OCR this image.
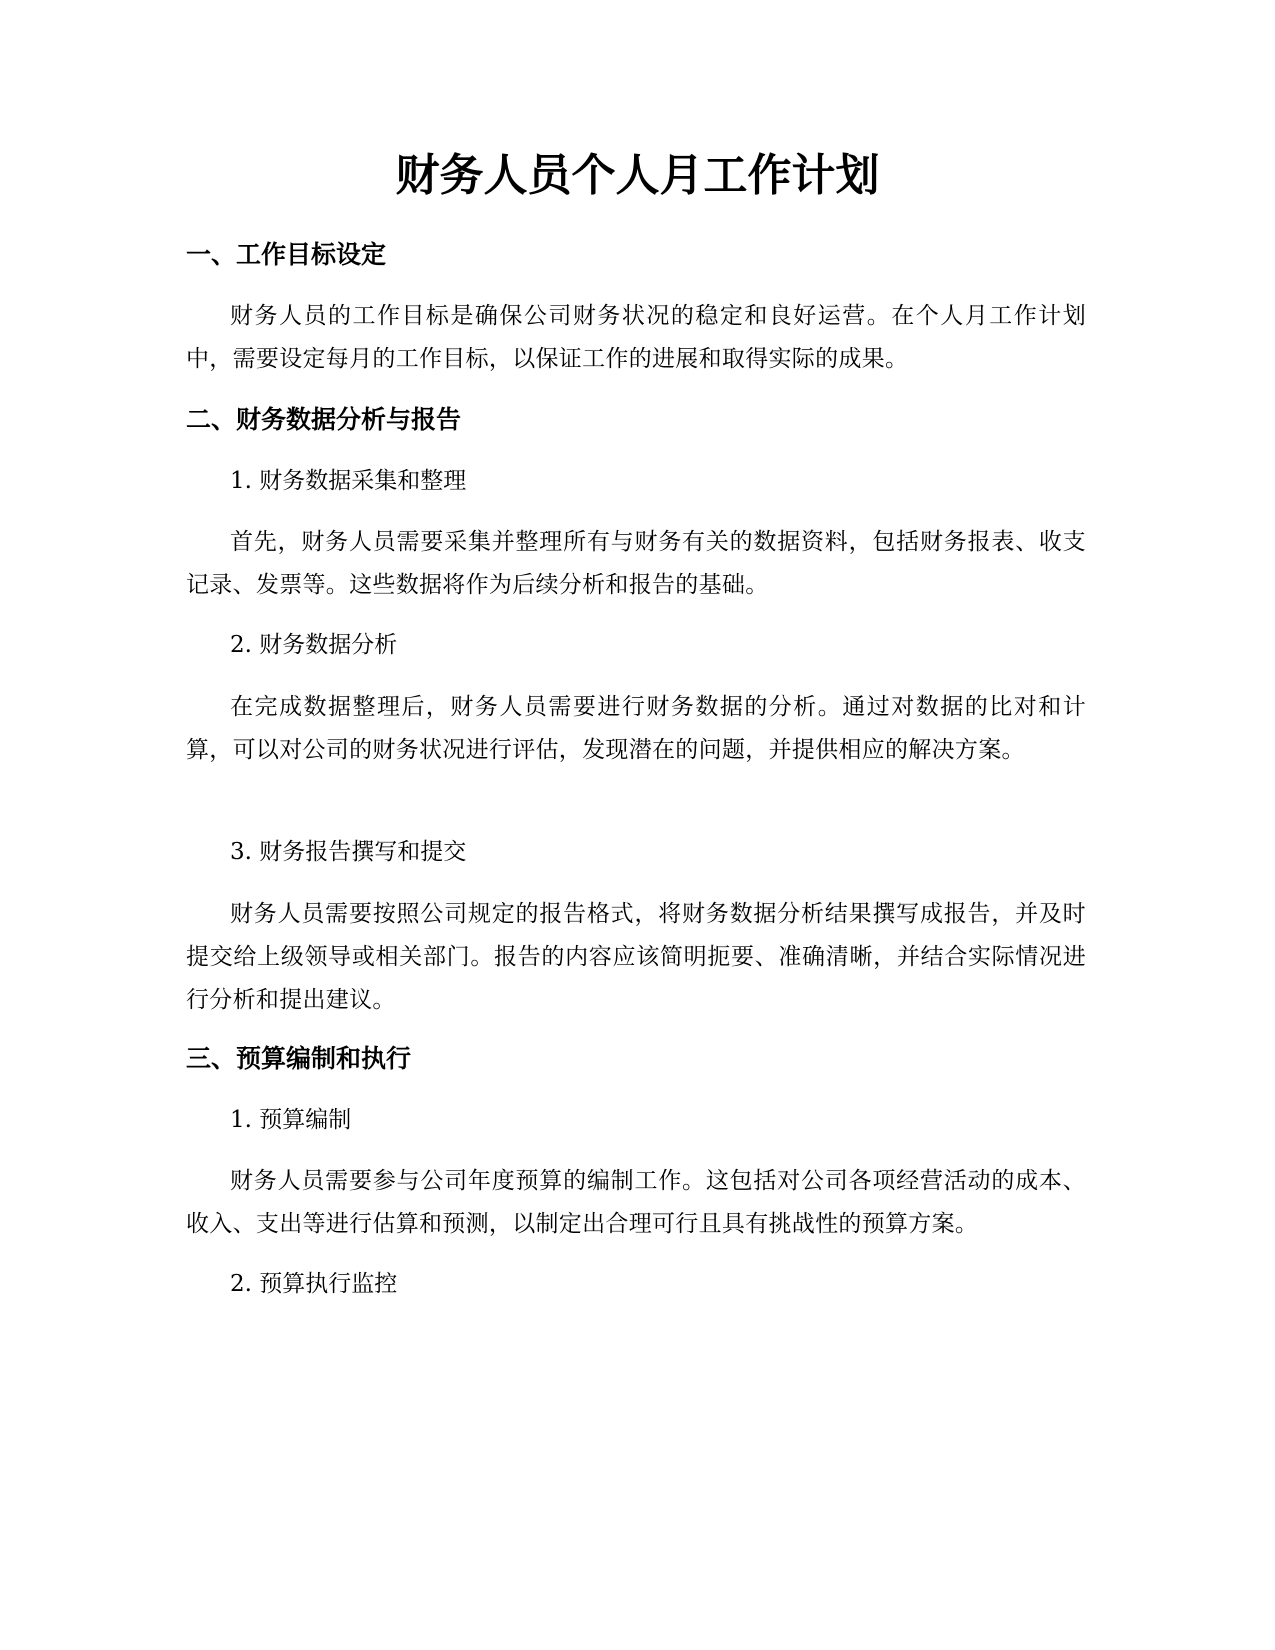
财务人员个人月工作计划
一、工作目标设定

财务人员的工作目标是确保公司财务状况的稳定和良好运营。在个人月工作计划中，需要设定每月的工作目标，以保证工作的进展和取得实际的成果。

二、财务数据分析与报告
1. 财务数据采集和整理

首先，财务人员需要采集并整理所有与财务有关的数据资料，包括财务报表、收支记录、发票等。这些数据将作为后续分析和报告的基础。

2. 财务数据分析

在完成数据整理后，财务人员需要进行财务数据的分析。通过对数据的比对和计算，可以对公司的财务状况进行评估，发现潜在的问题，并提供相应的解决方案。

3. 财务报告撰写和提交

财务人员需要按照公司规定的报告格式，将财务数据分析结果撰写成报告，并及时提交给上级领导或相关部门。报告的内容应该简明扼要、准确清晰，并结合实际情况进行分析和提出建议。

三、预算编制和执行
1. 预算编制

财务人员需要参与公司年度预算的编制工作。这包括对公司各项经营活动的成本、收入、支出等进行估算和预测，以制定出合理可行且具有挑战性的预算方案。

2. 预算执行监控
